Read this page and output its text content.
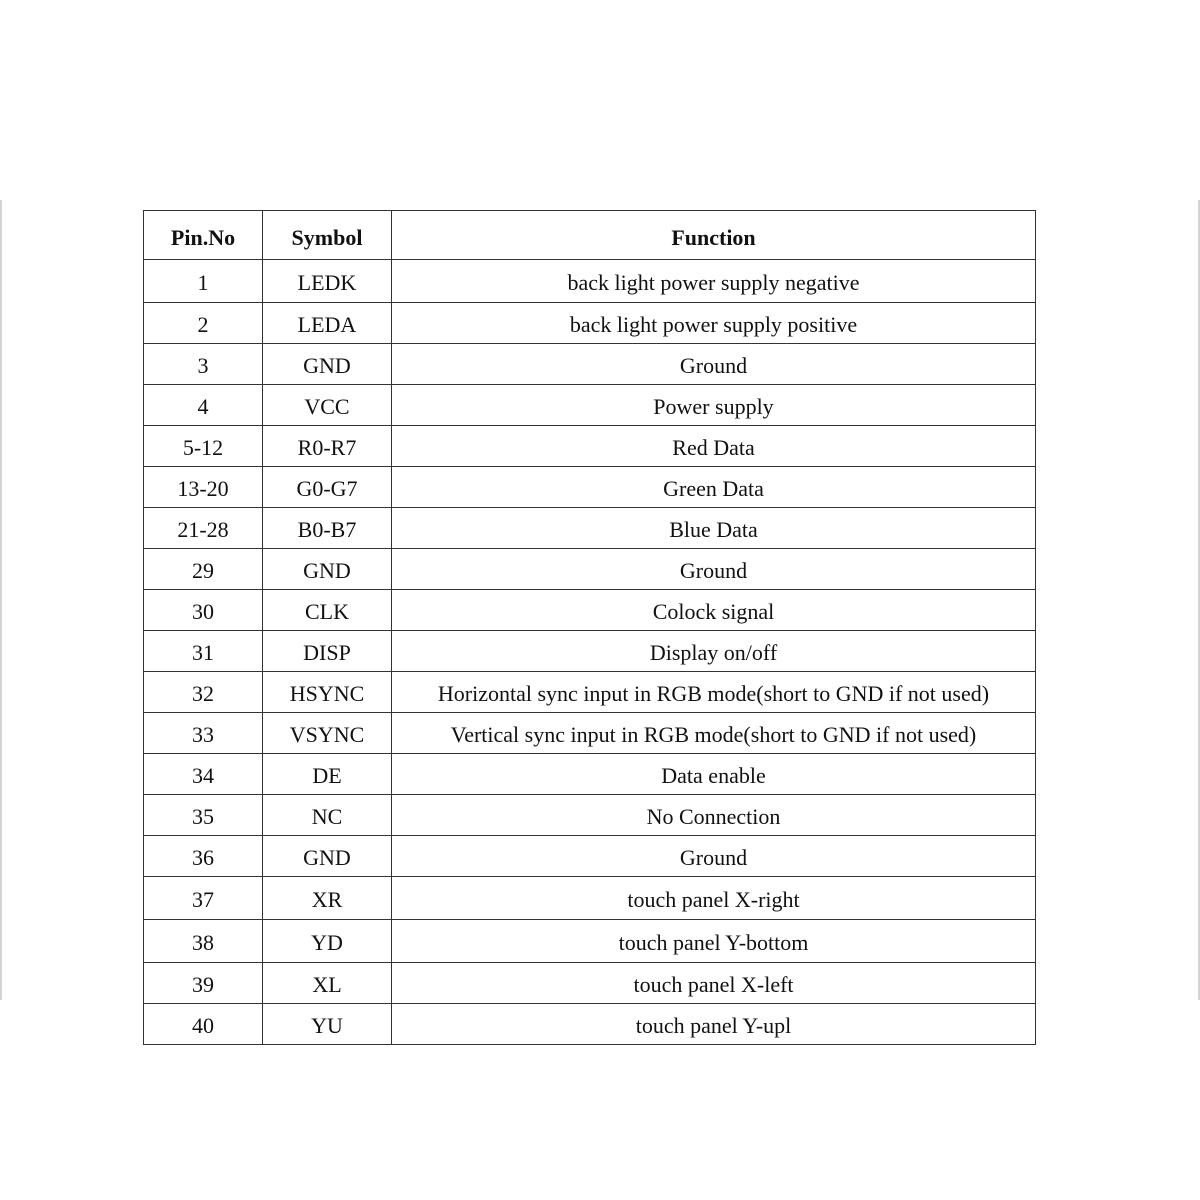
Pin.No	Symbol	Function
1	LEDK	back light power supply negative
2	LEDA	back light power supply positive
3	GND	Ground
4	VCC	Power supply
5-12	R0-R7	Red Data
13-20	G0-G7	Green Data
21-28	B0-B7	Blue Data
29	GND	Ground
30	CLK	Colock signal
31	DISP	Display on/off
32	HSYNC	Horizontal sync input in RGB mode(short to GND if not used)
33	VSYNC	Vertical sync input in RGB mode(short to GND if not used)
34	DE	Data enable
35	NC	No Connection
36	GND	Ground
37	XR	touch panel X-right
38	YD	touch panel Y-bottom
39	XL	touch panel X-left
40	YU	touch panel Y-upl
